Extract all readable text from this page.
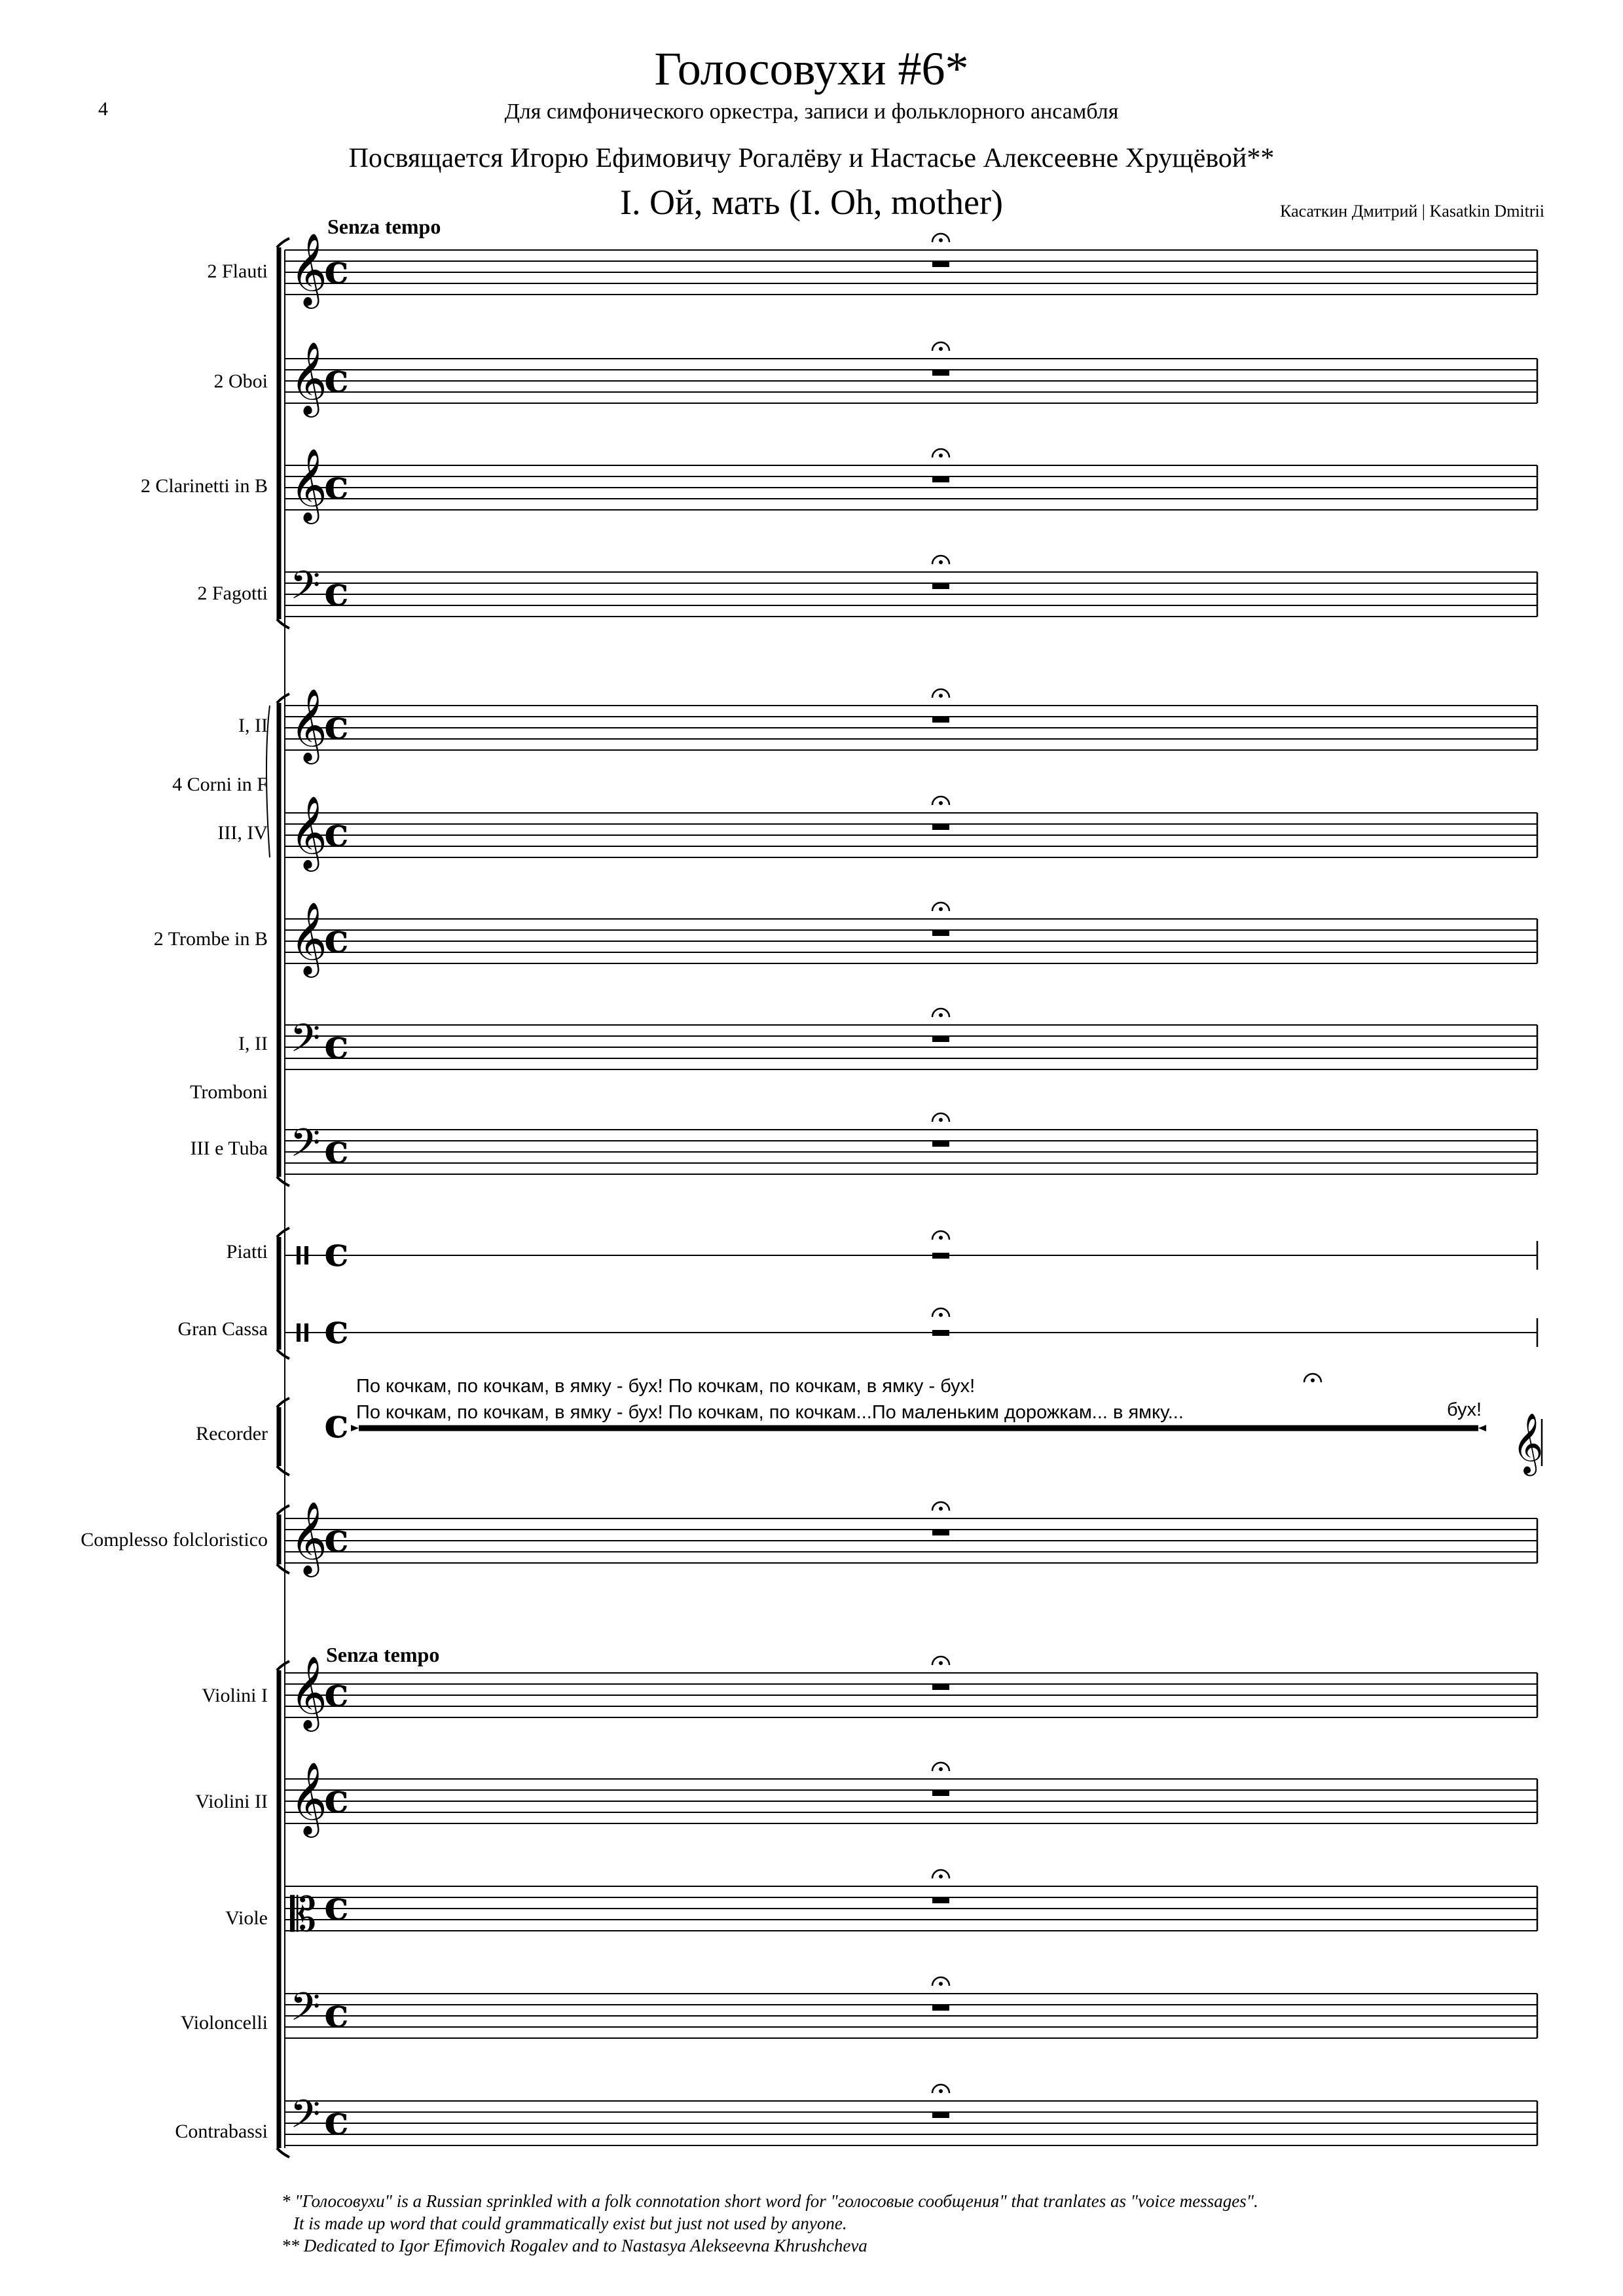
4
Голосовухи #6*
Для симфонического оркестра, записи и фольклорного ансамбля
Посвящается Игорю Ефимовичу Рогалёву и Настасье Алексеевне Хрущёвой**
I. Ой, мать (I. Oh, mother)	Касаткин Дмитрий | Kasatkin Dmitrii
Senza tempo
Senza tempo
2 Flauti
2 Oboi
2 Clarinetti in B
2 Fagotti
I, II
4 Corni in F
III, IV
2 Trombe in B
I, II
Tromboni
III e Tuba
Piatti
Gran Cassa
Recorder
Complesso folcloristico
Violini I
Violini II
Viole
Violoncelli
Contrabassi
По кочкам, по кочкам, в ямку - бух! По кочкам, по кочкам, в ямку - бух!
По кочкам, по кочкам, в ямку - бух! По кочкам, по кочкам...По маленьким дорожкам... в ямку...	бух!
* "Голосовухи" is a Russian sprinkled with a folk connotation short word for "голосовые сообщения" that tranlates as "voice messages".
It is made up word that could grammatically exist but just not used by anyone.
** Dedicated to Igor Efimovich Rogalev and to Nastasya Alekseevna Khrushcheva
𝄞
c
𝄞
c
𝄞
c
𝄢 c
𝄞
c
𝄞
c
𝄞
c
𝄢 c
𝄢 c
𝄞
c
𝄞
c
𝄞
c
𝄡 c
𝄢 c
𝄢 c
c
c
c	𝄞
